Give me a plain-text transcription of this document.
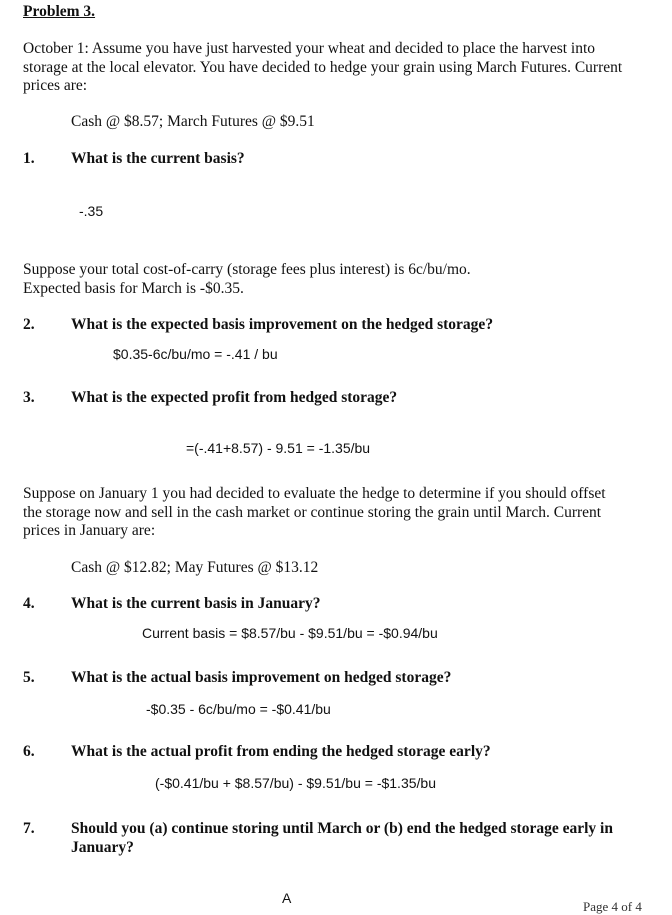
Problem 3.
October 1: Assume you have just harvested your wheat and decided to place the harvest into
storage at the local elevator. You have decided to hedge your grain using March Futures. Current
prices are:
Cash @ $8.57; March Futures @ $9.51
1. What is the current basis?
-.35
Suppose your total cost-of-carry (storage fees plus interest) is 6c/bu/mo.
Expected basis for March is -$0.35.
2. What is the expected basis improvement on the hedged storage?
$0.35-6c/bu/mo = -.41 / bu
3. What is the expected profit from hedged storage?
=(-.41+8.57) - 9.51 = -1.35/bu
Suppose on January 1 you had decided to evaluate the hedge to determine if you should offset
the storage now and sell in the cash market or continue storing the grain until March. Current
prices in January are:
Cash @ $12.82; May Futures @ $13.12
4. What is the current basis in January?
Current basis = $8.57/bu - $9.51/bu = -$0.94/bu
5. What is the actual basis improvement on hedged storage?
-$0.35 - 6c/bu/mo = -$0.41/bu
6. What is the actual profit from ending the hedged storage early?
(-$0.41/bu + $8.57/bu) - $9.51/bu = -$1.35/bu
7. Should you (a) continue storing until March or (b) end the hedged storage early in
January?
A
Page 4 of 4
